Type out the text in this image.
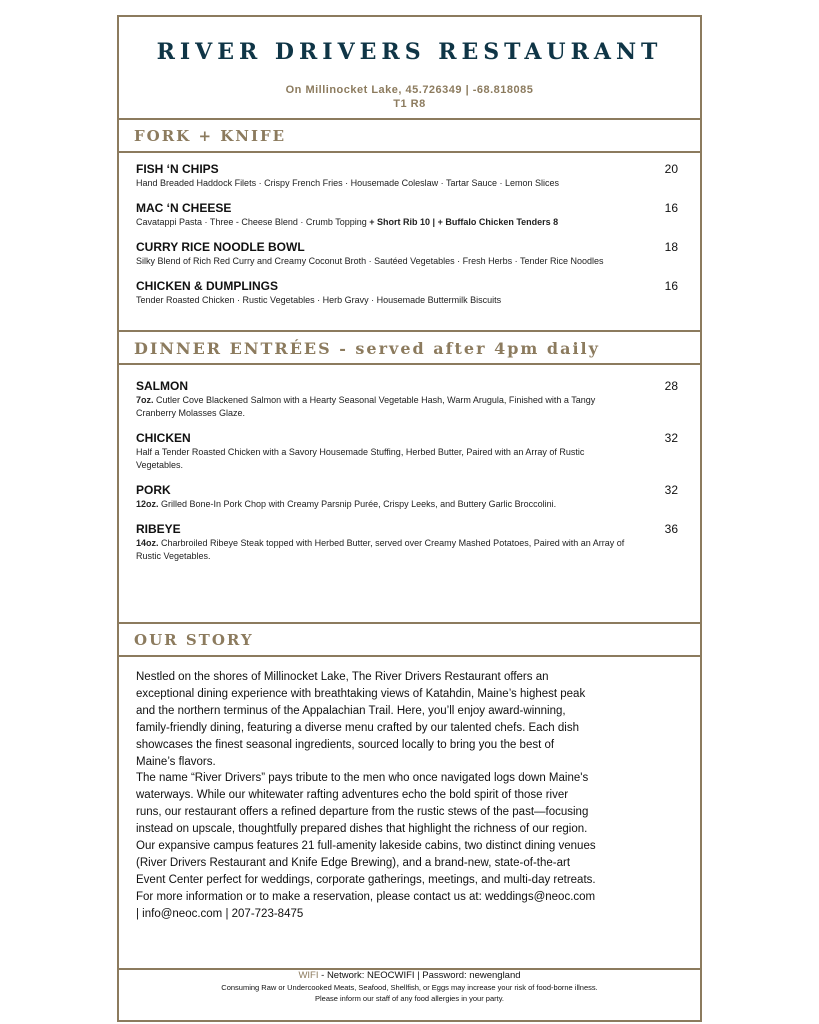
RIVER DRIVERS RESTAURANT
On Millinocket Lake, 45.726349 | -68.818085
T1 R8
FORK + KNIFE
FISH ‘N CHIPS	20
Hand Breaded Haddock Filets · Crispy French Fries · Housemade Coleslaw · Tartar Sauce · Lemon Slices
MAC ‘N CHEESE	16
Cavatappi Pasta · Three - Cheese Blend · Crumb Topping + Short Rib 10 | + Buffalo Chicken Tenders 8
CURRY RICE NOODLE BOWL	18
Silky Blend of Rich Red Curry and Creamy Coconut Broth · Sautéed Vegetables · Fresh Herbs · Tender Rice Noodles
CHICKEN & DUMPLINGS	16
Tender Roasted Chicken · Rustic Vegetables · Herb Gravy · Housemade Buttermilk Biscuits
DINNER ENTRÉES - served after 4pm daily
SALMON	28
7oz. Cutler Cove Blackened Salmon with a Hearty Seasonal Vegetable Hash, Warm Arugula, Finished with a Tangy Cranberry Molasses Glaze.
CHICKEN	32
Half a Tender Roasted Chicken with a Savory Housemade Stuffing, Herbed Butter, Paired with an Array of Rustic Vegetables.
PORK	32
12oz. Grilled Bone-In Pork Chop with Creamy Parsnip Purée, Crispy Leeks, and Buttery Garlic Broccolini.
RIBEYE	36
14oz. Charbroiled Ribeye Steak topped with Herbed Butter, served over Creamy Mashed Potatoes, Paired with an Array of Rustic Vegetables.
OUR STORY

Nestled on the shores of Millinocket Lake, The River Drivers Restaurant offers an exceptional dining experience with breathtaking views of Katahdin, Maine’s highest peak and the northern terminus of the Appalachian Trail. Here, you’ll enjoy award-winning, family-friendly dining, featuring a diverse menu crafted by our talented chefs. Each dish showcases the finest seasonal ingredients, sourced locally to bring you the best of Maine’s flavors.

The name “River Drivers” pays tribute to the men who once navigated logs down Maine's waterways. While our whitewater rafting adventures echo the bold spirit of those river runs, our restaurant offers a refined departure from the rustic stews of the past—focusing instead on upscale, thoughtfully prepared dishes that highlight the richness of our region.

Our expansive campus features 21 full-amenity lakeside cabins, two distinct dining venues (River Drivers Restaurant and Knife Edge Brewing), and a brand-new, state-of-the-art Event Center perfect for weddings, corporate gatherings, meetings, and multi-day retreats.

For more information or to make a reservation, please contact us at: weddings@neoc.com | info@neoc.com | 207-723-8475

WIFI - Network: NEOCWIFI | Password: newengland
Consuming Raw or Undercooked Meats, Seafood, Shellfish, or Eggs may increase your risk of food-borne illness.
Please inform our staff of any food allergies in your party.
